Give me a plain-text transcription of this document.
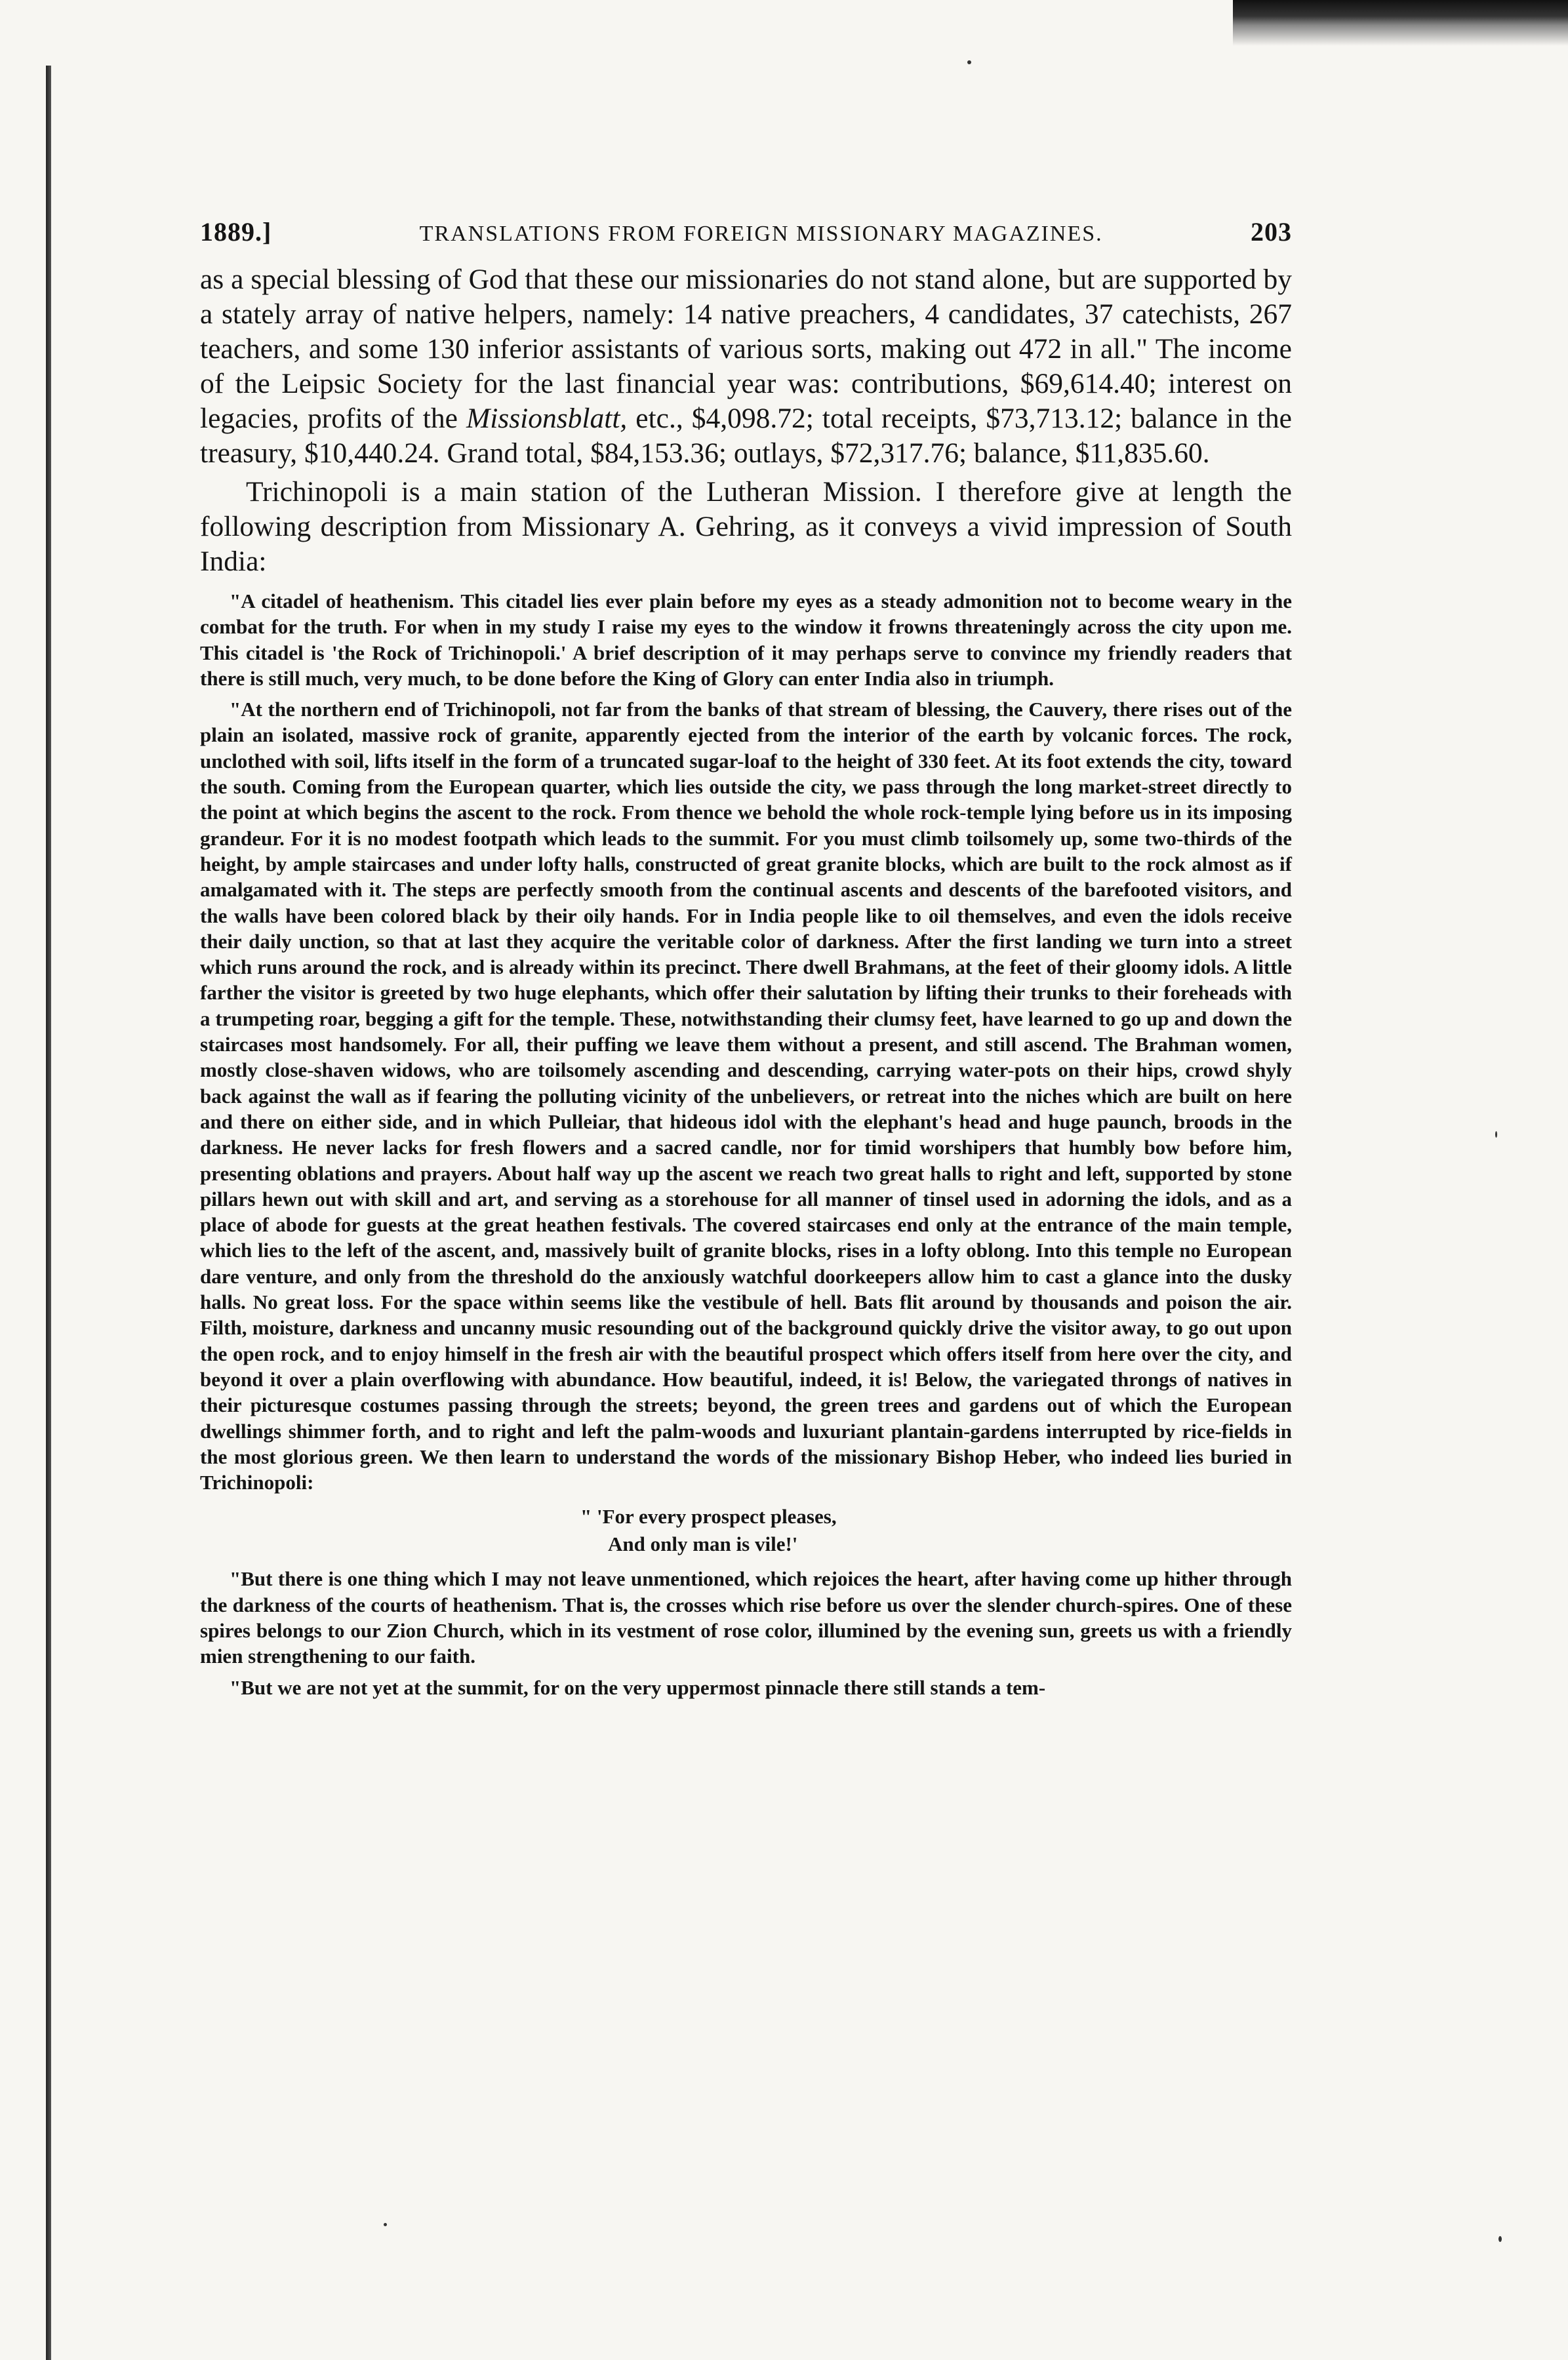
1889.]	TRANSLATIONS FROM FOREIGN MISSIONARY MAGAZINES.	203

as a special blessing of God that these our missionaries do not stand alone, but are supported by a stately array of native helpers, namely: 14 native preachers, 4 candidates, 37 catechists, 267 teachers, and some 130 inferior assistants of various sorts, making out 472 in all." The income of the Leipsic Society for the last financial year was: contributions, $69,614.40; interest on legacies, profits of the Missionsblatt, etc., $4,098.72; total receipts, $73,713.12; balance in the treasury, $10,440.24. Grand total, $84,153.36; outlays, $72,317.76; balance, $11,835.60.

Trichinopoli is a main station of the Lutheran Mission. I therefore give at length the following description from Missionary A. Gehring, as it conveys a vivid impression of South India:

"A citadel of heathenism. This citadel lies ever plain before my eyes as a steady admonition not to become weary in the combat for the truth. For when in my study I raise my eyes to the window it frowns threateningly across the city upon me. This citadel is 'the Rock of Trichinopoli.' A brief description of it may perhaps serve to convince my friendly readers that there is still much, very much, to be done before the King of Glory can enter India also in triumph.

"At the northern end of Trichinopoli, not far from the banks of that stream of blessing, the Cauvery, there rises out of the plain an isolated, massive rock of granite, apparently ejected from the interior of the earth by volcanic forces. The rock, unclothed with soil, lifts itself in the form of a truncated sugar-loaf to the height of 330 feet. At its foot extends the city, toward the south. Coming from the European quarter, which lies outside the city, we pass through the long market-street directly to the point at which begins the ascent to the rock. From thence we behold the whole rock-temple lying before us in its imposing grandeur. For it is no modest footpath which leads to the summit. For you must climb toilsomely up, some two-thirds of the height, by ample staircases and under lofty halls, constructed of great granite blocks, which are built to the rock almost as if amalgamated with it. The steps are perfectly smooth from the continual ascents and descents of the barefooted visitors, and the walls have been colored black by their oily hands. For in India people like to oil themselves, and even the idols receive their daily unction, so that at last they acquire the veritable color of darkness. After the first landing we turn into a street which runs around the rock, and is already within its precinct. There dwell Brahmans, at the feet of their gloomy idols. A little farther the visitor is greeted by two huge elephants, which offer their salutation by lifting their trunks to their foreheads with a trumpeting roar, begging a gift for the temple. These, notwithstanding their clumsy feet, have learned to go up and down the staircases most handsomely. For all, their puffing we leave them without a present, and still ascend. The Brahman women, mostly close-shaven widows, who are toilsomely ascending and descending, carrying water-pots on their hips, crowd shyly back against the wall as if fearing the polluting vicinity of the unbelievers, or retreat into the niches which are built on here and there on either side, and in which Pulleiar, that hideous idol with the elephant's head and huge paunch, broods in the darkness. He never lacks for fresh flowers and a sacred candle, nor for timid worshipers that humbly bow before him, presenting oblations and prayers. About half way up the ascent we reach two great halls to right and left, supported by stone pillars hewn out with skill and art, and serving as a storehouse for all manner of tinsel used in adorning the idols, and as a place of abode for guests at the great heathen festivals. The covered staircases end only at the entrance of the main temple, which lies to the left of the ascent, and, massively built of granite blocks, rises in a lofty oblong. Into this temple no European dare venture, and only from the threshold do the anxiously watchful doorkeepers allow him to cast a glance into the dusky halls. No great loss. For the space within seems like the vestibule of hell. Bats flit around by thousands and poison the air. Filth, moisture, darkness and uncanny music resounding out of the background quickly drive the visitor away, to go out upon the open rock, and to enjoy himself in the fresh air with the beautiful prospect which offers itself from here over the city, and beyond it over a plain overflowing with abundance. How beautiful, indeed, it is! Below, the variegated throngs of natives in their picturesque costumes passing through the streets; beyond, the green trees and gardens out of which the European dwellings shimmer forth, and to right and left the palm-woods and luxuriant plantain-gardens interrupted by rice-fields in the most glorious green. We then learn to understand the words of the missionary Bishop Heber, who indeed lies buried in Trichinopoli:

" 'For every prospect pleases,
And only man is vile!'

"But there is one thing which I may not leave unmentioned, which rejoices the heart, after having come up hither through the darkness of the courts of heathenism. That is, the crosses which rise before us over the slender church-spires. One of these spires belongs to our Zion Church, which in its vestment of rose color, illumined by the evening sun, greets us with a friendly mien strengthening to our faith.

"But we are not yet at the summit, for on the very uppermost pinnacle there still stands a tem-
